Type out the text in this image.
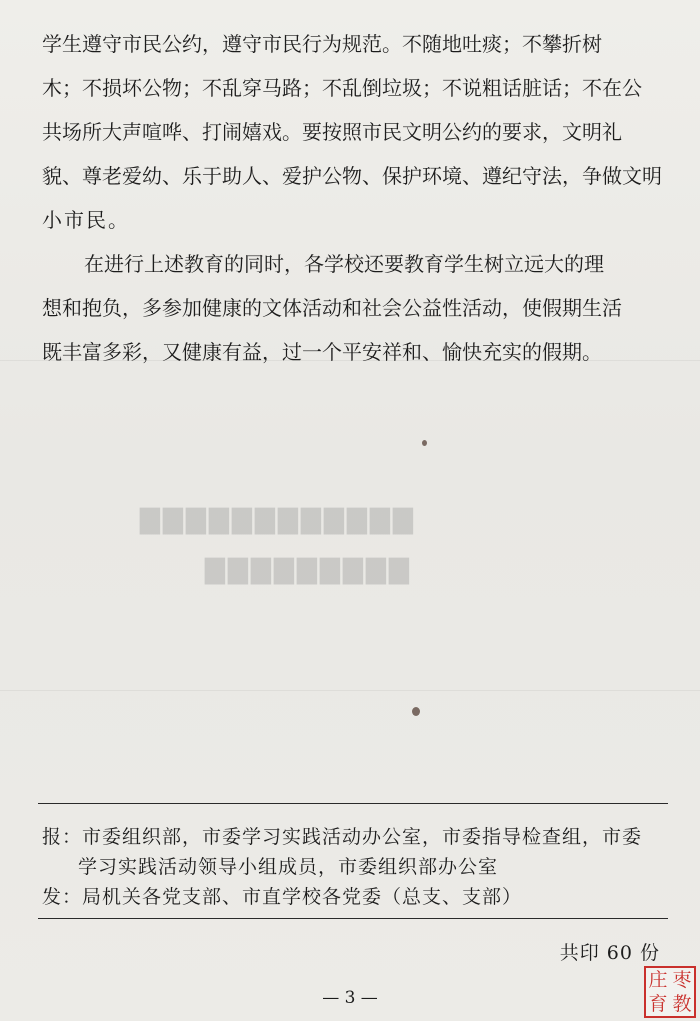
▇▇▇▇▇▇▇▇▇▇▇▇
▇▇▇▇▇▇▇▇▇
学生遵守市民公约，遵守市民行为规范。不随地吐痰；不攀折树
木；不损坏公物；不乱穿马路；不乱倒垃圾；不说粗话脏话；不在公
共场所大声喧哗、打闹嬉戏。要按照市民文明公约的要求，文明礼
貌、尊老爱幼、乐于助人、爱护公物、保护环境、遵纪守法，争做文明
小市民。
在进行上述教育的同时，各学校还要教育学生树立远大的理
想和抱负，多参加健康的文体活动和社会公益性活动，使假期生活
既丰富多彩，又健康有益，过一个平安祥和、愉快充实的假期。
报：市委组织部，市委学习实践活动办公室，市委指导检查组，市委
学习实践活动领导小组成员，市委组织部办公室
发：局机关各党支部、市直学校各党委（总支、支部）
共印 60 份
— 3 —
庄 枣
育 教
